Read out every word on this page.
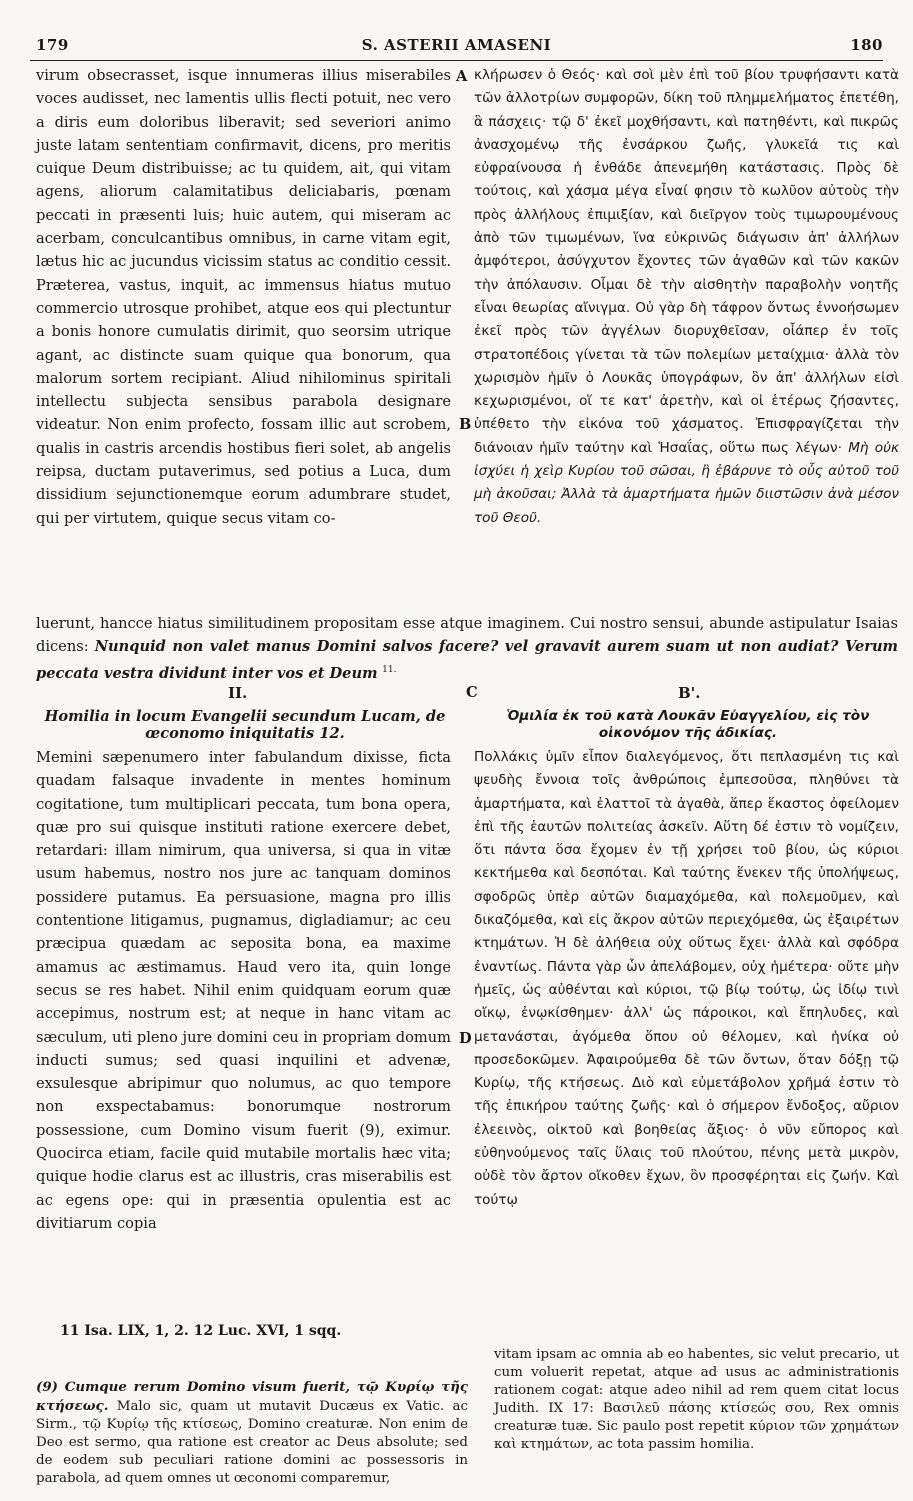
179	S. ASTERII AMASENI	180
A
B
C
D

virum obsecrasset, isque innumeras illius miserabiles voces audisset, nec lamentis ullis flecti potuit, nec vero a diris eum doloribus liberavit; sed severiori animo juste latam sententiam confirmavit, dicens, pro meritis cuique Deum distribuisse; ac tu quidem, ait, qui vitam agens, aliorum calamitatibus deliciabaris, pœnam peccati in præsenti luis; huic autem, qui miseram ac acerbam, conculcantibus omnibus, in carne vitam egit, lætus hic ac jucundus vicissim status ac conditio cessit. Præterea, vastus, inquit, ac immensus hiatus mutuo commercio utrosque prohibet, atque eos qui plectuntur a bonis honore cumulatis dirimit, quo seorsim utrique agant, ac distincte suam quique qua bonorum, qua malorum sortem recipiant. Aliud nihilominus spiritali intellectu subjecta sensibus parabola designare videatur. Non enim profecto, fossam illic aut scrobem, qualis in castris arcendis hostibus fieri solet, ab angelis reipsa, ductam putaverimus, sed potius a Luca, dum dissidium sejunctionemque eorum adumbrare studet, qui per virtutem, quique secus vitam co-

κλήρωσεν ὁ Θεός· καὶ σοὶ μὲν ἐπὶ τοῦ βίου τρυφήσαντι κατὰ τῶν ἀλλοτρίων συμφορῶν, δίκη τοῦ πλημμελήματος ἐπετέθη, ἃ πάσχεις· τῷ δ' ἐκεῖ μοχθήσαντι, καὶ πατηθέντι, καὶ πικρῶς ἀνασχομένῳ τῆς ἐνσάρκου ζωῆς, γλυκεῖά τις καὶ εὐφραίνουσα ἡ ἐνθάδε ἀπενεμήθη κατάστασις. Πρὸς δὲ τούτοις, καὶ χάσμα μέγα εἶναί φησιν τὸ κωλῦον αὐτοὺς τὴν πρὸς ἀλλήλους ἐπιμιξίαν, καὶ διεῖργον τοὺς τιμωρουμένους ἀπὸ τῶν τιμωμένων, ἵνα εὐκρινῶς διάγωσιν ἀπ' ἀλλήλων ἀμφότεροι, ἀσύγχυτον ἔχοντες τῶν ἀγαθῶν καὶ τῶν κακῶν τὴν ἀπόλαυσιν. Οἶμαι δὲ τὴν αἰσθητὴν παραβολὴν νοητῆς εἶναι θεωρίας αἴνιγμα. Οὐ γὰρ δὴ τάφρον ὄντως ἐννοήσωμεν ἐκεῖ πρὸς τῶν ἀγγέλων διορυχθεῖσαν, οἷάπερ ἐν τοῖς στρατοπέδοις γίνεται τὰ τῶν πολεμίων μεταίχμια· ἀλλὰ τὸν χωρισμὸν ἡμῖν ὁ Λουκᾶς ὑπογράφων, ὃν ἀπ' ἀλλήλων εἰσὶ κεχωρισμένοι, οἵ τε κατ' ἀρετὴν, καὶ οἱ ἑτέρως ζήσαντες, ὑπέθετο τὴν εἰκόνα τοῦ χάσματος. Ἐπισφραγίζεται τὴν διάνοιαν ἡμῖν ταύτην καὶ Ἡσαΐας, οὕτω πως λέγων· Μὴ οὐκ ἰσχύει ἡ χεὶρ Κυρίου τοῦ σῶσαι, ἢ ἐβάρυνε τὸ οὖς αὐτοῦ τοῦ μὴ ἀκοῦσαι; Ἀλλὰ τὰ ἁμαρτήματα ἡμῶν διιστῶσιν ἀνὰ μέσον τοῦ Θεοῦ.

luerunt, hancce hiatus similitudinem propositam esse atque imaginem. Cui nostro sensui, abunde astipulatur Isaias dicens: Nunquid non valet manus Domini salvos facere? vel gravavit aurem suam ut non audiat? Verum peccata vestra dividunt inter vos et Deum $^{11.}$
II.	Β'.
Homilia in locum Evangelii secundum Lucam, de œconomo iniquitatis 12.
Ὁμιλία ἐκ τοῦ κατὰ Λουκᾶν Εὐαγγελίου, εἰς τὸν οἰκονόμον τῆς ἀδικίας.

Memini sæpenumero inter fabulandum dixisse, ficta quadam falsaque invadente in mentes hominum cogitatione, tum multiplicari peccata, tum bona opera, quæ pro sui quisque instituti ratione exercere debet, retardari: illam nimirum, qua universa, si qua in vitæ usum habemus, nostro nos jure ac tanquam dominos possidere putamus. Ea persuasione, magna pro illis contentione litigamus, pugnamus, digladiamur; ac ceu præcipua quædam ac seposita bona, ea maxime amamus ac æstimamus. Haud vero ita, quin longe secus se res habet. Nihil enim quidquam eorum quæ accepimus, nostrum est; at neque in hanc vitam ac sæculum, uti pleno jure domini ceu in propriam domum inducti sumus; sed quasi inquilini et advenæ, exsulesque abripimur quo nolumus, ac quo tempore non exspectabamus: bonorumque nostrorum possessione, cum Domino visum fuerit (9), eximur. Quocirca etiam, facile quid mutabile mortalis hæc vita; quique hodie clarus est ac illustris, cras miserabilis est ac egens ope: qui in præsentia opulentia est ac divitiarum copia

Πολλάκις ὑμῖν εἶπον διαλεγόμενος, ὅτι πεπλασμένη τις καὶ ψευδὴς ἔννοια τοῖς ἀνθρώποις ἐμπεσοῦσα, πληθύνει τὰ ἁμαρτήματα, καὶ ἐλαττοῖ τὰ ἀγαθὰ, ἅπερ ἕκαστος ὀφείλομεν ἐπὶ τῆς ἑαυτῶν πολιτείας ἀσκεῖν. Αὕτη δέ ἐστιν τὸ νομίζειν, ὅτι πάντα ὅσα ἔχομεν ἐν τῇ χρήσει τοῦ βίου, ὡς κύριοι κεκτήμεθα καὶ δεσπόται. Καὶ ταύτης ἕνεκεν τῆς ὑπολήψεως, σφοδρῶς ὑπὲρ αὐτῶν διαμαχόμεθα, καὶ πολεμοῦμεν, καὶ δικαζόμεθα, καὶ εἰς ἄκρον αὐτῶν περιεχόμεθα, ὡς ἐξαιρέτων κτημάτων. Ἡ δὲ ἀλήθεια οὐχ οὕτως ἔχει· ἀλλὰ καὶ σφόδρα ἐναντίως. Πάντα γὰρ ὧν ἀπελάβομεν, οὐχ ἡμέτερα· οὔτε μὴν ἡμεῖς, ὡς αὐθένται καὶ κύριοι, τῷ βίῳ τούτῳ, ὡς ἰδίῳ τινὶ οἴκῳ, ἐνῳκίσθημεν· ἀλλ' ὡς πάροικοι, καὶ ἔπηλυδες, καὶ μετανάσται, ἀγόμεθα ὅπου οὐ θέλομεν, καὶ ἡνίκα οὐ προσεδοκῶμεν. Ἀφαιρούμεθα δὲ τῶν ὄντων, ὅταν δόξῃ τῷ Κυρίῳ, τῆς κτήσεως. Διὸ καὶ εὐμετάβολον χρῆμά ἐστιν τὸ τῆς ἐπικήρου ταύτης ζωῆς· καὶ ὁ σήμερον ἔνδοξος, αὔριον ἐλεεινὸς, οἰκτοῦ καὶ βοηθείας ἄξιος· ὁ νῦν εὔπορος καὶ εὐθηνούμενος ταῖς ὕλαις τοῦ πλούτου, πένης μετὰ μικρὸν, οὐδὲ τὸν ἄρτον οἴκοθεν ἔχων, ὃν προσφέρηται εἰς ζωήν. Καὶ τούτῳ

11 Isa. LIX, 1, 2. 12 Luc. XVI, 1 sqq.
(9) Cumque rerum Domino visum fuerit, τῷ Κυρίῳ τῆς κτήσεως. Malo sic, quam ut mutavit Ducæus ex Vatic. ac Sirm., τῷ Κυρίῳ τῆς κτίσεως, Domino creaturæ. Non enim de Deo est sermo, qua ratione est creator ac Deus absolute; sed de eodem sub peculiari ratione domini ac possessoris in parabola, ad quem omnes ut œconomi comparemur,
vitam ipsam ac omnia ab eo habentes, sic velut precario, ut cum voluerit repetat, atque ad usus ac administrationis rationem cogat: atque adeo nihil ad rem quem citat locus Judith. IX 17: Βασιλεῦ πάσης κτίσεώς σου, Rex omnis creaturæ tuæ. Sic paulo post repetit κύριον τῶν χρημάτων καὶ κτημάτων, ac tota passim homilia.
